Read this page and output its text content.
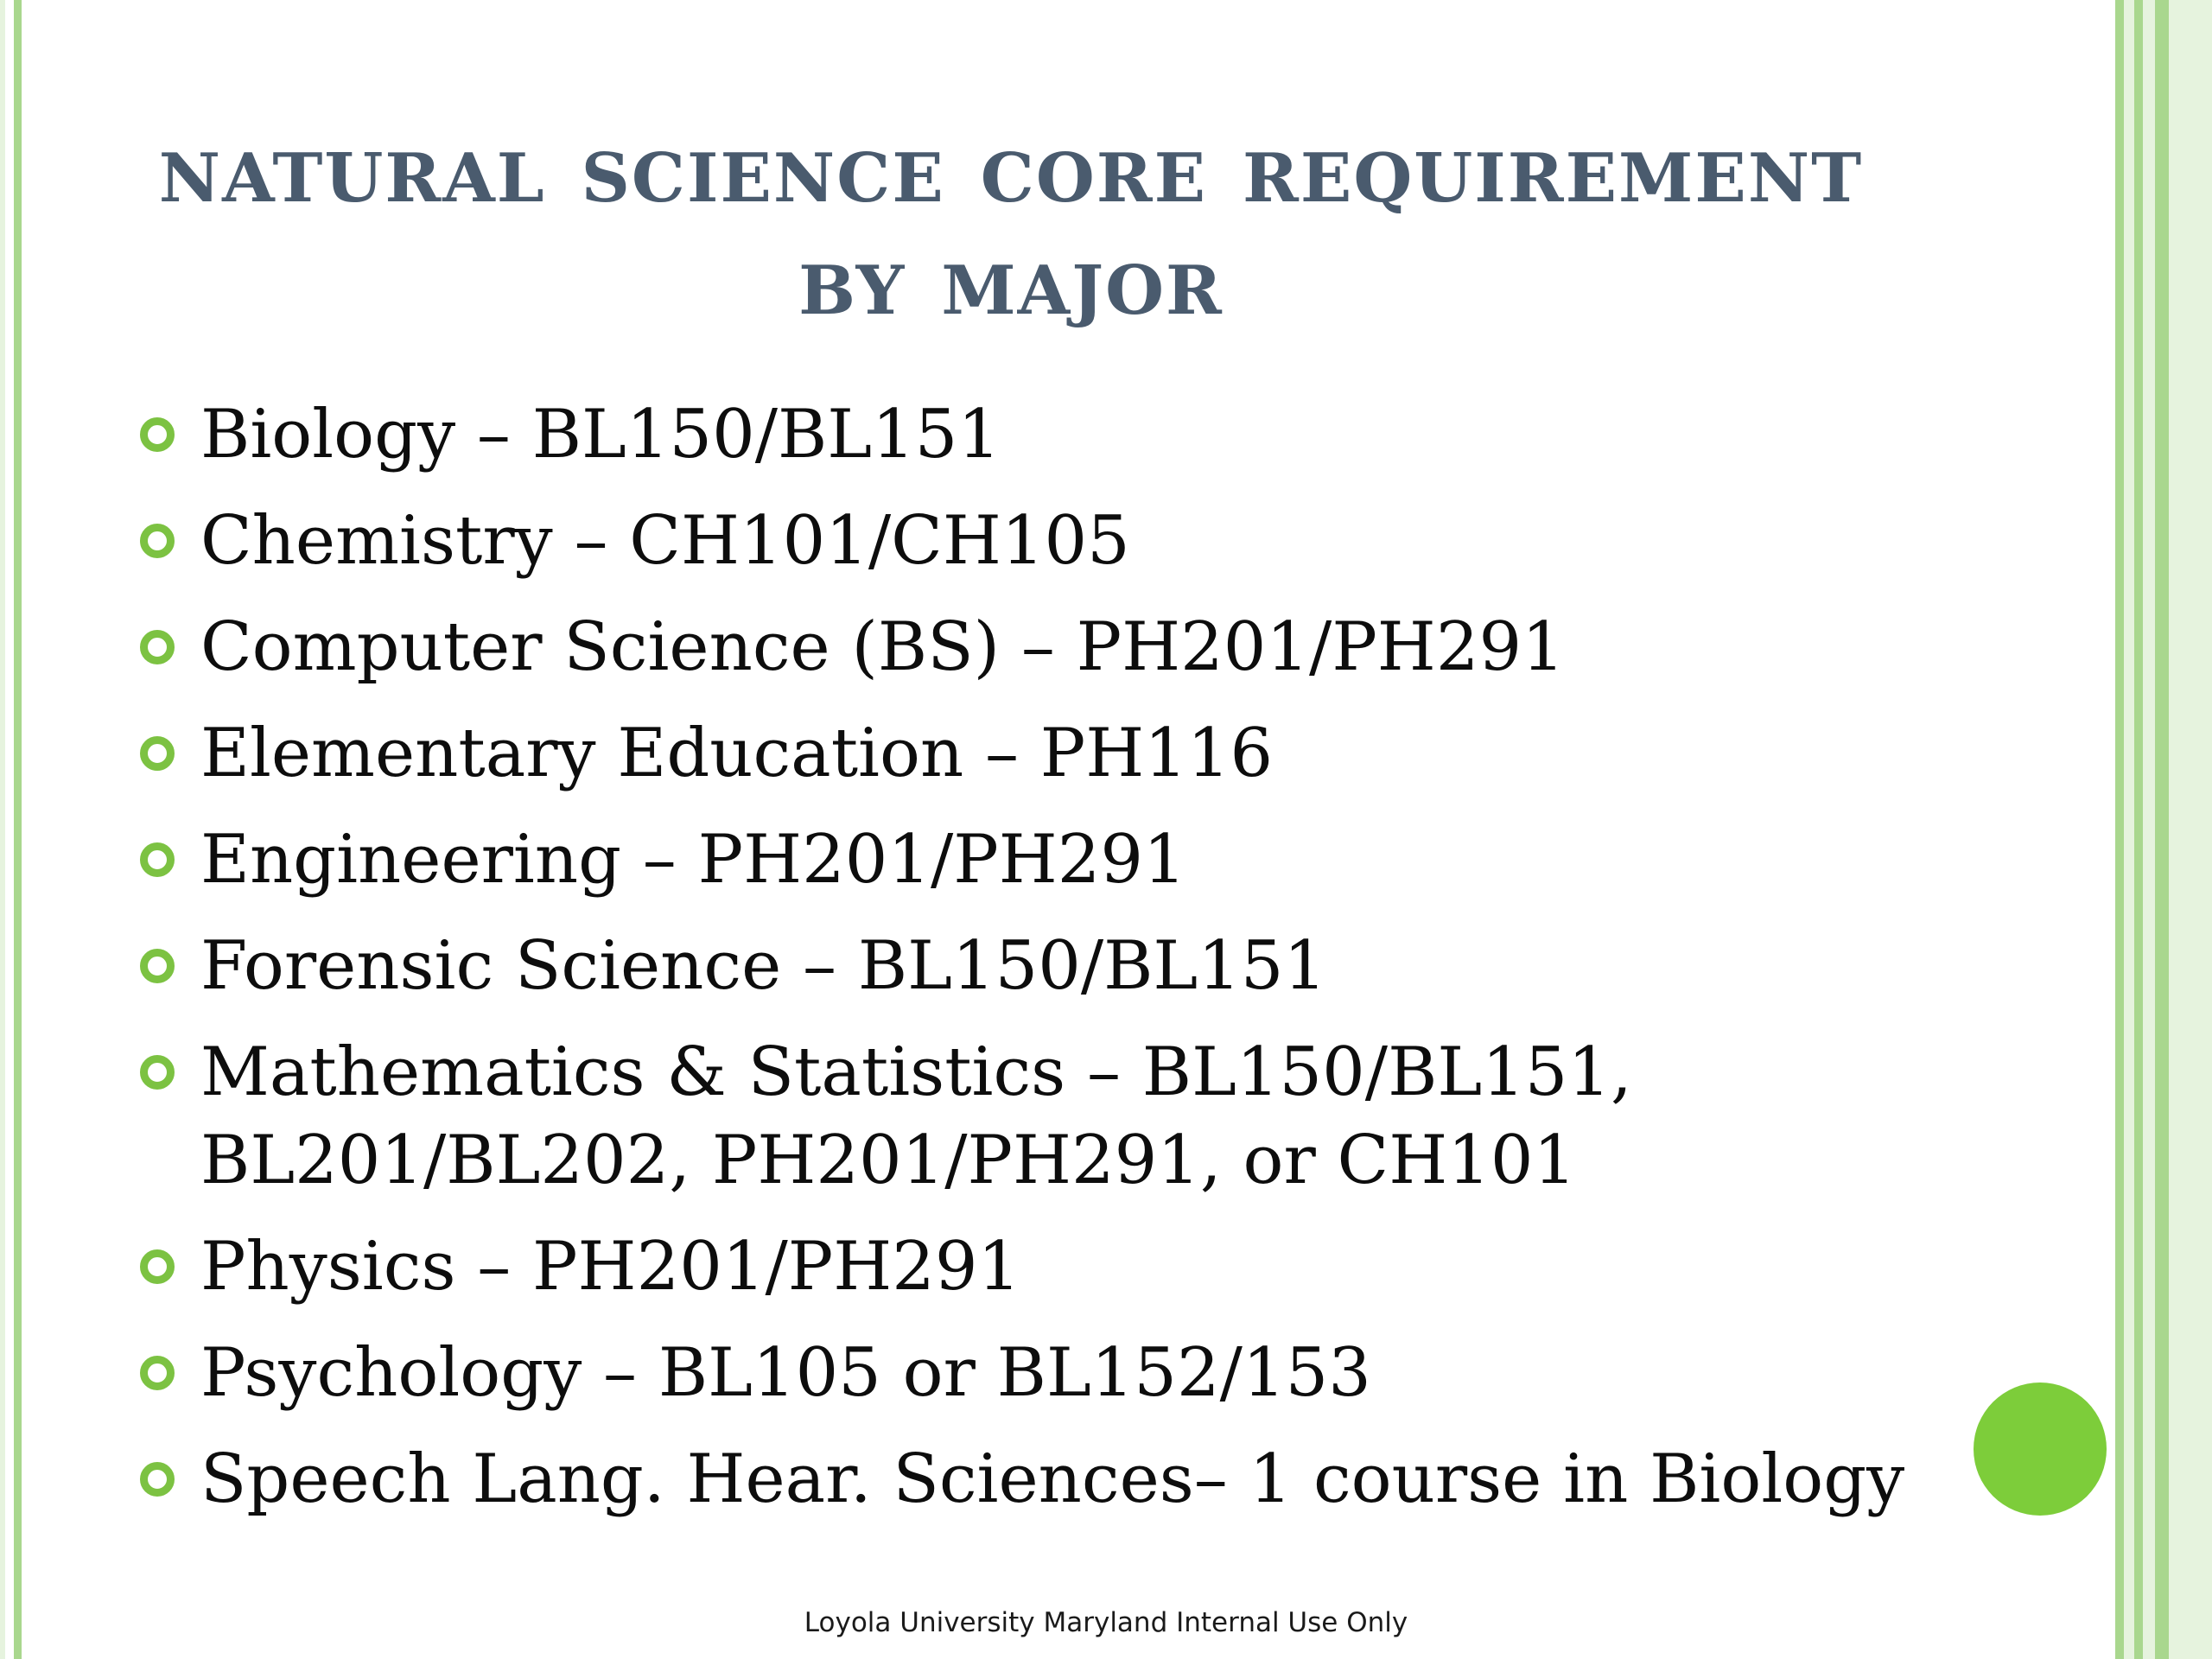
natural science core requirement by major
Biology – BL150/BL151
Chemistry – CH101/CH105
Computer Science (BS) – PH201/PH291
Elementary Education – PH116
Engineering – PH201/PH291
Forensic Science – BL150/BL151
Mathematics & Statistics – BL150/BL151, BL201/BL202, PH201/PH291, or CH101
Physics – PH201/PH291
Psychology – BL105 or BL152/153
Speech Lang. Hear. Sciences– 1 course in Biology
Loyola University Maryland Internal Use Only
